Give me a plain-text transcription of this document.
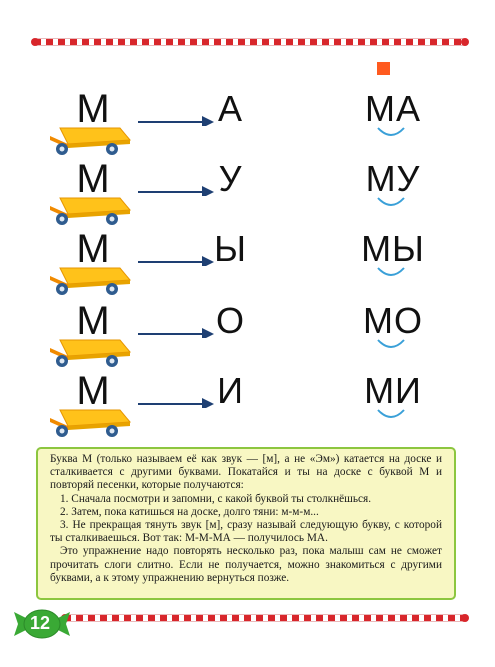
М	А	МА
М	У	МУ
М	Ы	МЫ
М	О	МО
М	И	МИ

Буква М (только называем её как звук — [м], а не «Эм») катается на доске и сталкивается с другими буквами. Покатайся и ты на доске с буквой М и повторяй песенки, которые получаются:

1. Сначала посмотри и запомни, с какой буквой ты столкнёшься.

2. Затем, пока катишься на доске, долго тяни: м-м-м...

3. Не прекращая тянуть звук [м], сразу называй следующую букву, с которой ты сталкиваешься. Вот так: М-М-МА — получилось МА.

Это упражнение надо повторять несколько раз, пока малыш сам не сможет прочитать слоги слитно. Если не получается, можно знакомиться с другими буквами, а к этому упражнению вернуться позже.

12
